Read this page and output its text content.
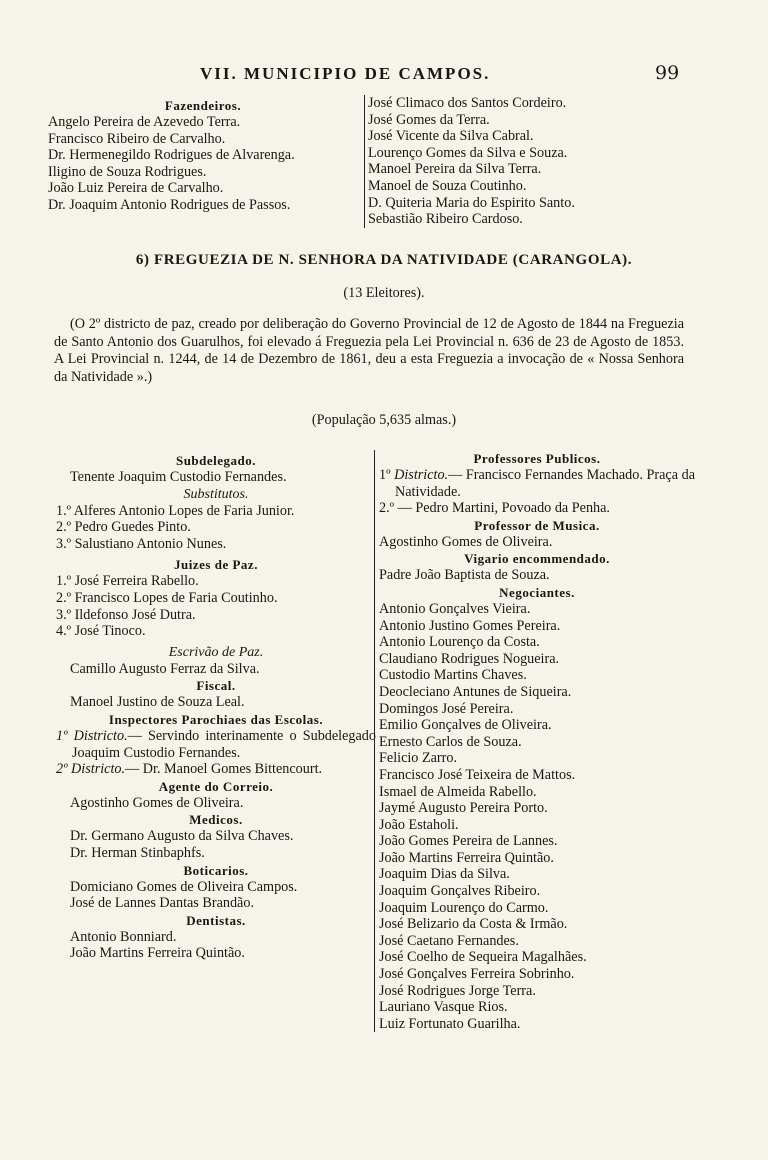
VII. MUNICIPIO DE CAMPOS.	99
Fazendeiros.
Angelo Pereira de Azevedo Terra.
Francisco Ribeiro de Carvalho.
Dr. Hermenegildo Rodrigues de Alvarenga.
Iligino de Souza Rodrigues.
João Luiz Pereira de Carvalho.
Dr. Joaquim Antonio Rodrigues de Passos.
José Climaco dos Santos Cordeiro.
José Gomes da Terra.
José Vicente da Silva Cabral.
Lourenço Gomes da Silva e Souza.
Manoel Pereira da Silva Terra.
Manoel de Souza Coutinho.
D. Quiteria Maria do Espirito Santo.
Sebastião Ribeiro Cardoso.
6) FREGUEZIA DE N. SENHORA DA NATIVIDADE (CARANGOLA).
(13 Eleitores).
(O 2º districto de paz, creado por deliberação do Governo Provincial de 12 de Agosto de 1844 na Freguezia de Santo Antonio dos Guarulhos, foi elevado á Freguezia pela Lei Provincial n. 636 de 23 de Agosto de 1853. A Lei Provincial n. 1244, de 14 de Dezembro de 1861, deu a esta Freguezia a invocação de « Nossa Senhora da Natividade ».)
(População 5,635 almas.)
Subdelegado.
Tenente Joaquim Custodio Fernandes.
Substitutos.
1.º Alferes Antonio Lopes de Faria Junior.
2.º Pedro Guedes Pinto.
3.º Salustiano Antonio Nunes.
Juizes de Paz.
1.º José Ferreira Rabello.
2.º Francisco Lopes de Faria Coutinho.
3.º Ildefonso José Dutra.
4.º José Tinoco.
Escrivão de Paz.
Camillo Augusto Ferraz da Silva.
Fiscal.
Manoel Justino de Souza Leal.
Inspectores Parochiaes das Escolas.
1º Districto.— Servindo interinamente o Subdelegado Joaquim Custodio Fernandes.
2º Districto.— Dr. Manoel Gomes Bittencourt.
Agente do Correio.
Agostinho Gomes de Oliveira.
Medicos.
Dr. Germano Augusto da Silva Chaves.
Dr. Herman Stinbaphfs.
Boticarios.
Domiciano Gomes de Oliveira Campos.
José de Lannes Dantas Brandão.
Dentistas.
Antonio Bonniard.
João Martins Ferreira Quintão.
Professores Publicos.
1º Districto.— Francisco Fernandes Machado. Praça da Natividade.
2.º — Pedro Martini, Povoado da Penha.
Professor de Musica.
Agostinho Gomes de Oliveira.
Vigario encommendado.
Padre João Baptista de Souza.
Negociantes.
Antonio Gonçalves Vieira.
Antonio Justino Gomes Pereira.
Antonio Lourenço da Costa.
Claudiano Rodrigues Nogueira.
Custodio Martins Chaves.
Deocleciano Antunes de Siqueira.
Domingos José Pereira.
Emilio Gonçalves de Oliveira.
Ernesto Carlos de Souza.
Felicio Zarro.
Francisco José Teixeira de Mattos.
Ismael de Almeida Rabello.
Jaymé Augusto Pereira Porto.
João Estaholi.
João Gomes Pereira de Lannes.
João Martins Ferreira Quintão.
Joaquim Dias da Silva.
Joaquim Gonçalves Ribeiro.
Joaquim Lourenço do Carmo.
José Belizario da Costa & Irmão.
José Caetano Fernandes.
José Coelho de Sequeira Magalhães.
José Gonçalves Ferreira Sobrinho.
José Rodrigues Jorge Terra.
Lauriano Vasque Rios.
Luiz Fortunato Guarilha.
